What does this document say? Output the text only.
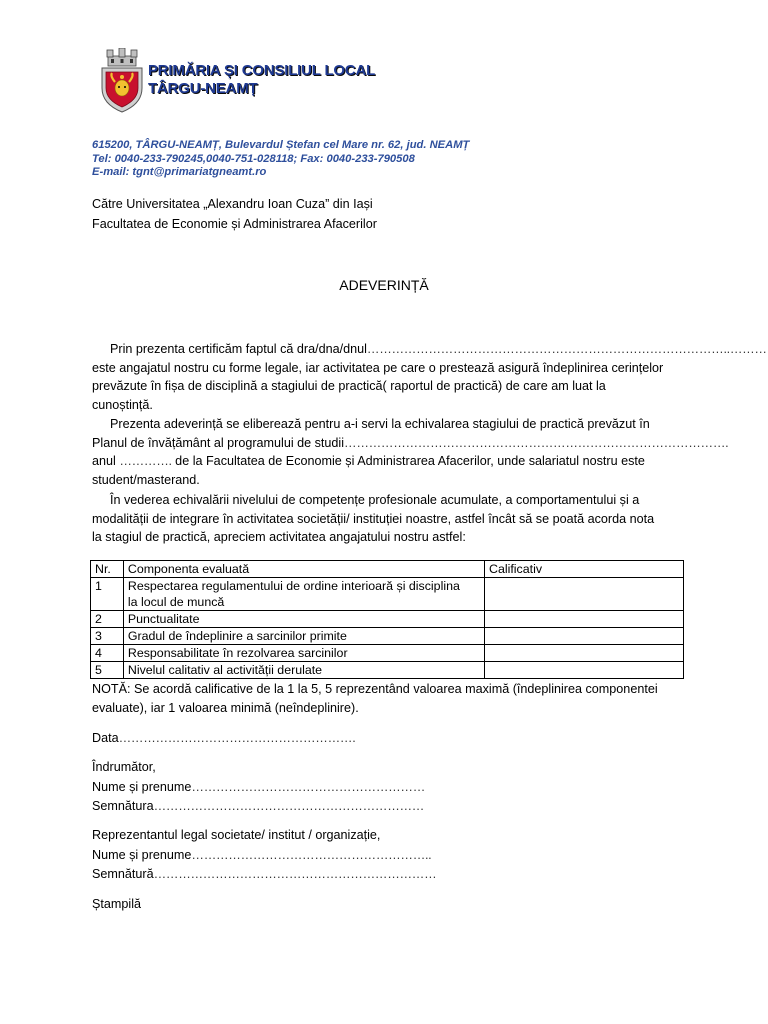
PRIMĂRIA ȘI CONSILIUL LOCAL
TÂRGU-NEAMȚ
615200, TÂRGU-NEAMȚ, Bulevardul Ștefan cel Mare nr. 62, jud. NEAMȚ
Tel: 0040-233-790245,0040-751-028118; Fax: 0040-233-790508
E-mail: tgnt@primariatgneamt.ro
Către Universitatea „Alexandru Ioan Cuza” din Iași
Facultatea de Economie și Administrarea Afacerilor
ADEVERINȚĂ
Prin prezenta certificăm faptul că dra/dna/dnul……………………………………………………………………………..………
este angajatul nostru cu forme legale, iar activitatea pe care o prestează asigură îndeplinirea cerințelor
prevăzute în fișa de disciplină a stagiului de practică( raportul de practică) de care am luat la
cunoștință.
Prezenta adeverință se eliberează pentru a-i servi la echivalarea stagiului de practică prevăzut în
Planul de învățământ al programului de studii………………………………………………………………………………….
anul …………. de la Facultatea de Economie și Administrarea Afacerilor, unde salariatul nostru este
student/masterand.
În vederea echivalării nivelului de competențe profesionale acumulate, a comportamentului și a
modalității de integrare în activitatea societății/ instituției noastre, astfel încât să se poată acorda nota
la stagiul de practică, apreciem activitatea angajatului nostru astfel:
Nr.	Componenta evaluată	Calificativ
1	Respectarea regulamentului de ordine interioară și disciplina
la locul de muncă	

2	Punctualitate	
3	Gradul de îndeplinire a sarcinilor primite	
4	Responsabilitate în rezolvarea sarcinilor	
5	Nivelul calitativ al activității derulate	
NOTĂ: Se acordă calificative de la 1 la 5, 5 reprezentând valoarea maximă (îndeplinirea componentei
evaluate), iar 1 valoarea minimă (neîndeplinire).
Data………………………………………………….
Îndrumător,
Nume și prenume…………………………………………………
Semnătura…………………………………………………………
Reprezentantul legal societate/ institut / organizație,
Nume și prenume…………………………………………………..
Semnătură……………………………………………………………
Ștampilă
